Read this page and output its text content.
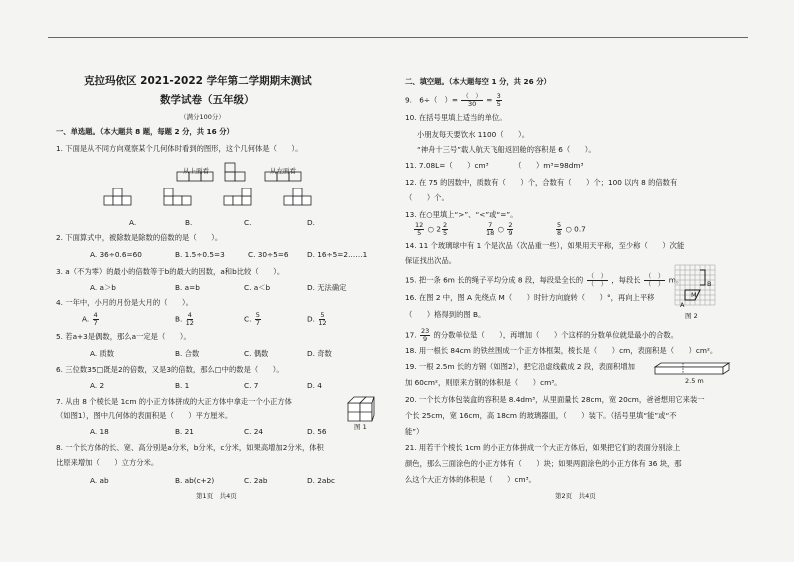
克拉玛依区 2021-2022 学年第二学期期末测试
数学试卷（五年级）
（满分100分）
一、单选题。（本大题共 8 题，每题 2 分，共 16 分）
1. 下面是从不同方向观察某个几何体时看到的图形，这个几何体是（　　）。
从上面看	从左面看
A.	B.	C.	D.
2. 下面算式中，被除数是除数的倍数的是（　　）。
A. 36÷0.6=60	B. 1.5÷0.5=3	C. 30÷5=6	D. 16÷5=2……1
3. a（不为零）的最小的倍数等于b的最大的因数，a和b比较（　　）。
A. a＞b	B. a=b	C. a＜b	D. 无法确定
4. 一年中，小月的月份是大月的（　　）。
A. $\frac{4}{7}$	B. $\frac{4}{12}$	C. $\frac{5}{7}$	D. $\frac{5}{12}$
5. 若a+3是偶数，那么a一定是（　　）。
A. 质数	B. 合数	C. 偶数	D. 奇数
6. 三位数35□既是2的倍数，又是3的倍数，那么□中的数是（　　）。
A. 2	B. 1	C. 7	D. 4
7. 从由 8 个棱长是 1cm 的小正方体拼成的大正方体中拿走一个小正方体
（如图1），图中几何体的表面积是（　　）平方厘米。
图 1
A. 18	B. 21	C. 24	D. 56
8. 一个长方体的长、宽、高分别是a分米，b分米，c分米，如果高增加2分米，体积
比原来增加（　　）立方分米。
A. ab	B. ab(c+2)	C. 2ab	D. 2abc
第1页　共4页
二、填空题。（本大题每空 1 分，共 26 分）
9.　6÷（　）= $\frac{( )}{30} = \frac{3}{5}$
10. 在括号里填上适当的单位。
小朋友每天要饮水 1100（　　）。
“神舟十三号”载人航天飞船返回舱的容积是 6（　　）。
11. 7.08L=（　　）cm³　　　　（　　）m³=98dm³
12. 在 75 的因数中，质数有（　　）个，合数有（　　）个；100 以内 8 的倍数有
（　　）个。
13. 在○里填上“>”、“<”或“=”。
$\frac{12}{5}$ ○ $2 \frac{2}{5}$	$\frac{7}{18}$ ○ $\frac{2}{9}$	$\frac{5}{8}$ ○ 0.7
14. 11 个玻璃球中有 1 个是次品（次品重一些），如果用天平称，至少称（　　）次能
保证找出次品。
15. 把一条 6m 长的绳子平均分成 8 段，每段是全长的 $\frac{( )}{( )}$ ，每段长 $\frac{( )}{( )}$ m。
16. 在图 2 中，图 A 先绕点 M（　　）时针方向旋转（　　）°，再向上平移
（　　）格得到的图 B。
B
M
A
图 2
17. $\frac{23}{9}$ 的分数单位是（　　），再增加（　　）个这样的分数单位就是最小的合数。
18. 用一根长 84cm 的铁丝围成一个正方体框架，棱长是（　　）cm，表面积是（　　）cm²。
19. 一根 2.5m 长的方钢（如图2），把它沿虚线截成 2 段，表面积增加
加 60cm²，则原来方钢的体积是（　　）cm³。	2.5 m
20. 一个长方体包装盒的容积是 8.4dm³，从里面量长 28cm，宽 20cm，爸爸想用它来装一
个长 25cm，宽 16cm，高 18cm 的玻璃器皿，（　　）装下。（括号里填“能”或“不
能”）
21. 用若干个棱长 1cm 的小正方体拼成一个大正方体后，如果把它们的表面分别涂上
颜色，那么三面涂色的小正方体有（　　）块；如果两面涂色的小正方体有 36 块，那
么这个大正方体的体积是（　　）cm³。
第2页　共4页
